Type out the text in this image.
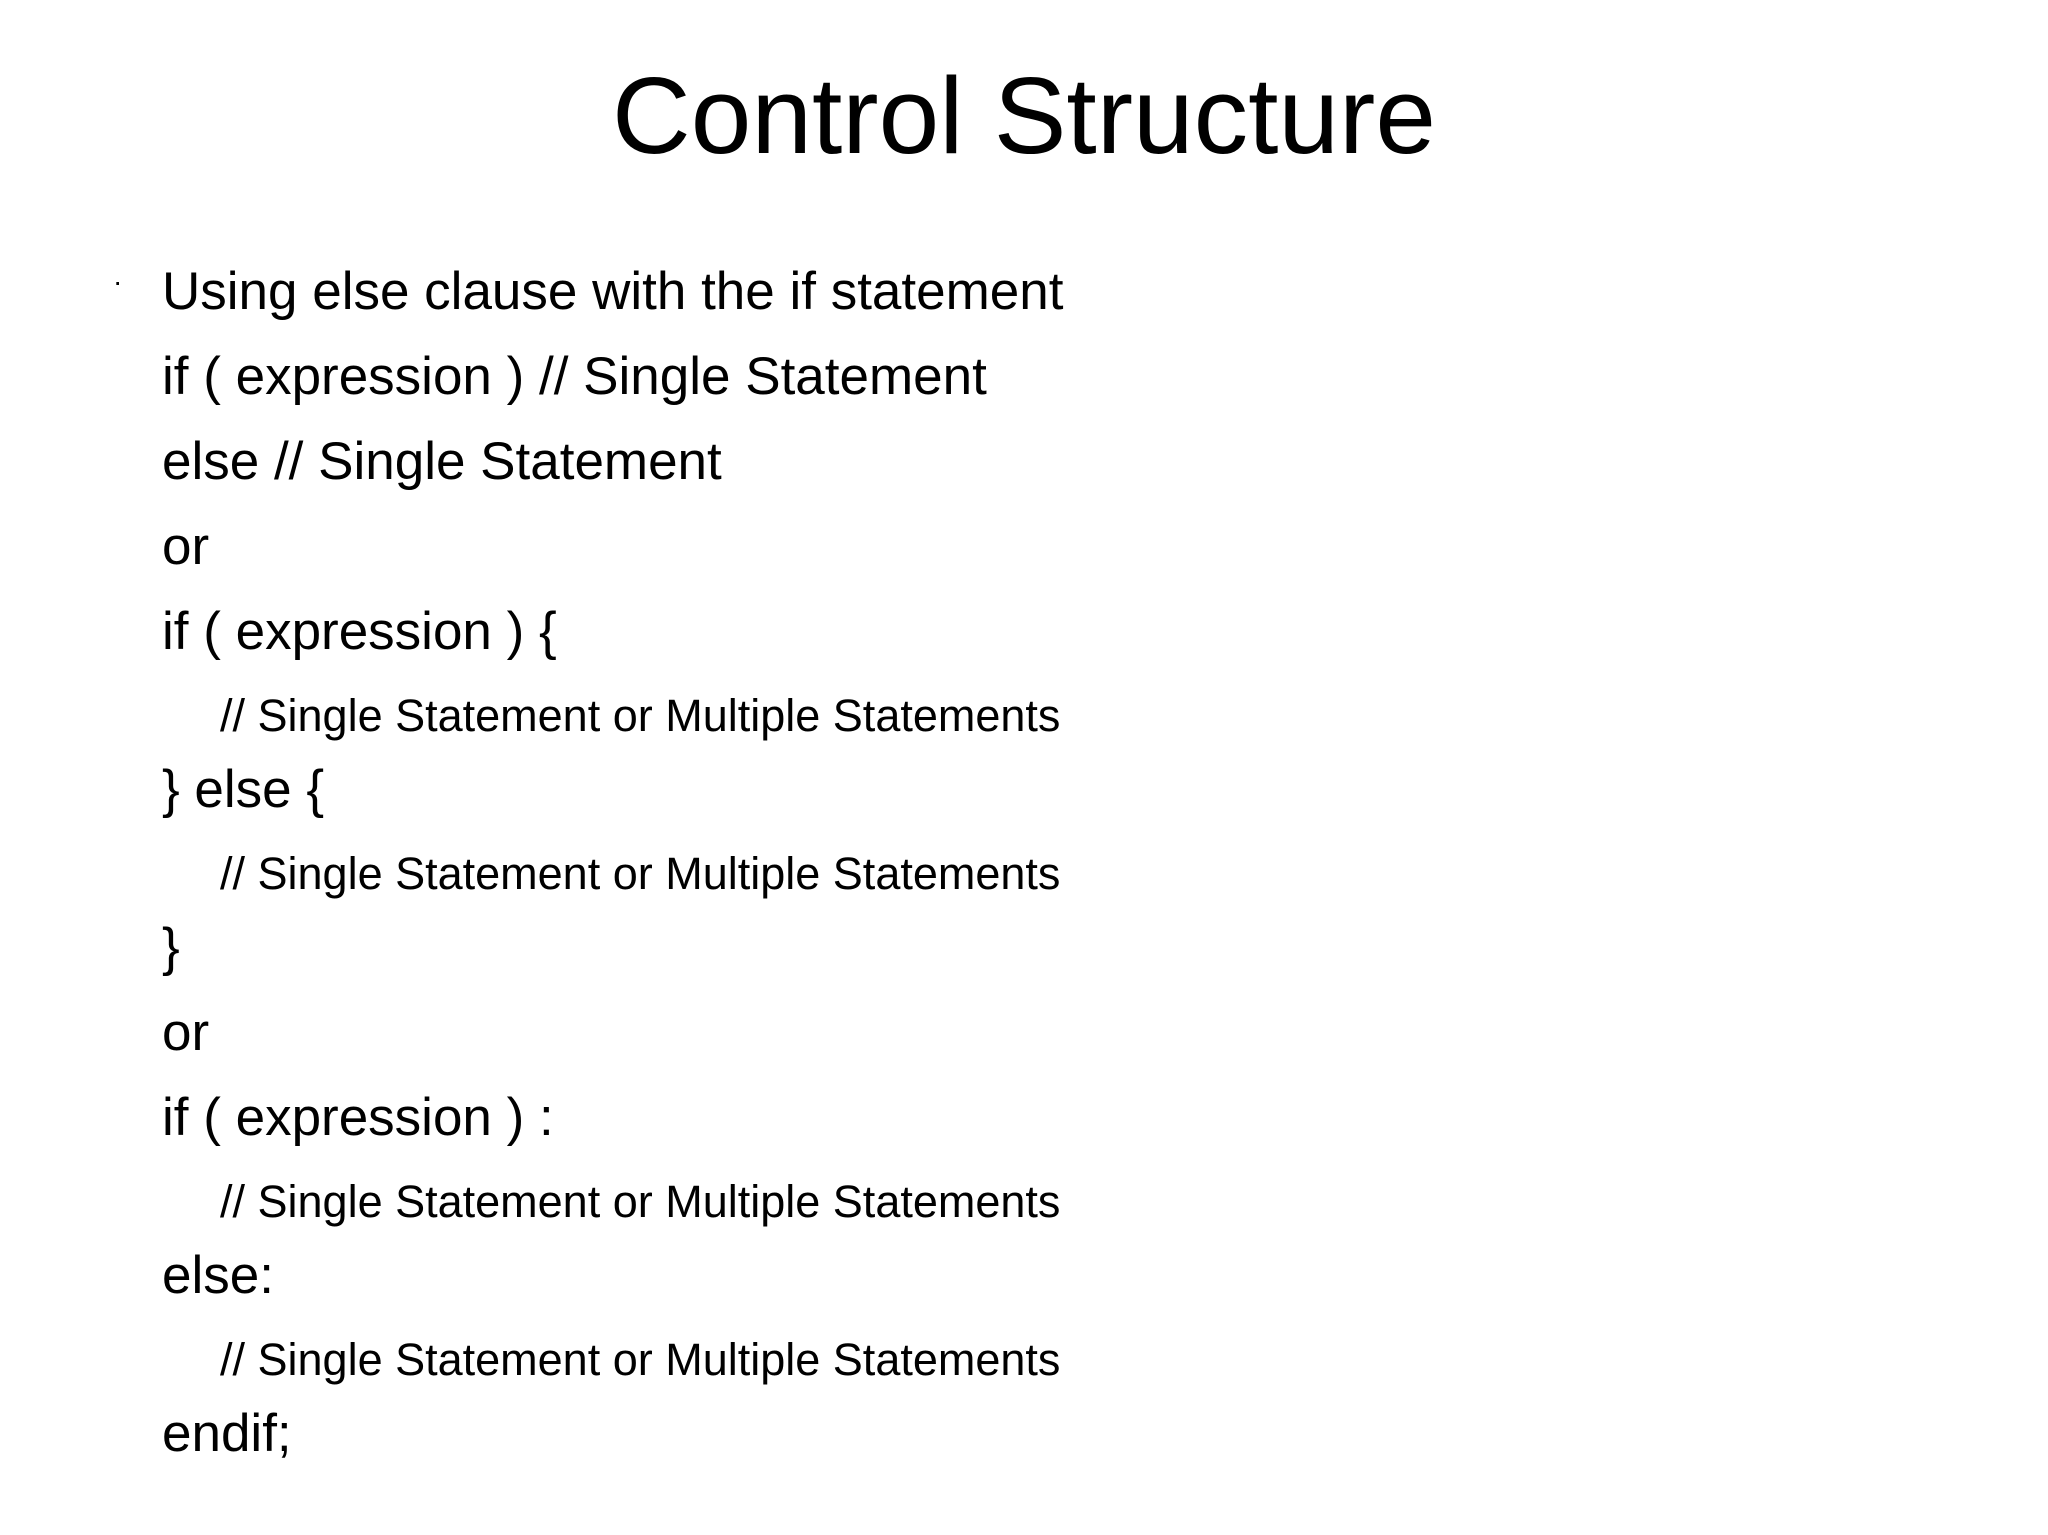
Control Structure
· Using else clause with the if statement
if ( expression ) // Single Statement
else // Single Statement
or
if ( expression ) {
// Single Statement or Multiple Statements
} else {
// Single Statement or Multiple Statements
}
or
if ( expression ) :
// Single Statement or Multiple Statements
else:
// Single Statement or Multiple Statements
endif;
